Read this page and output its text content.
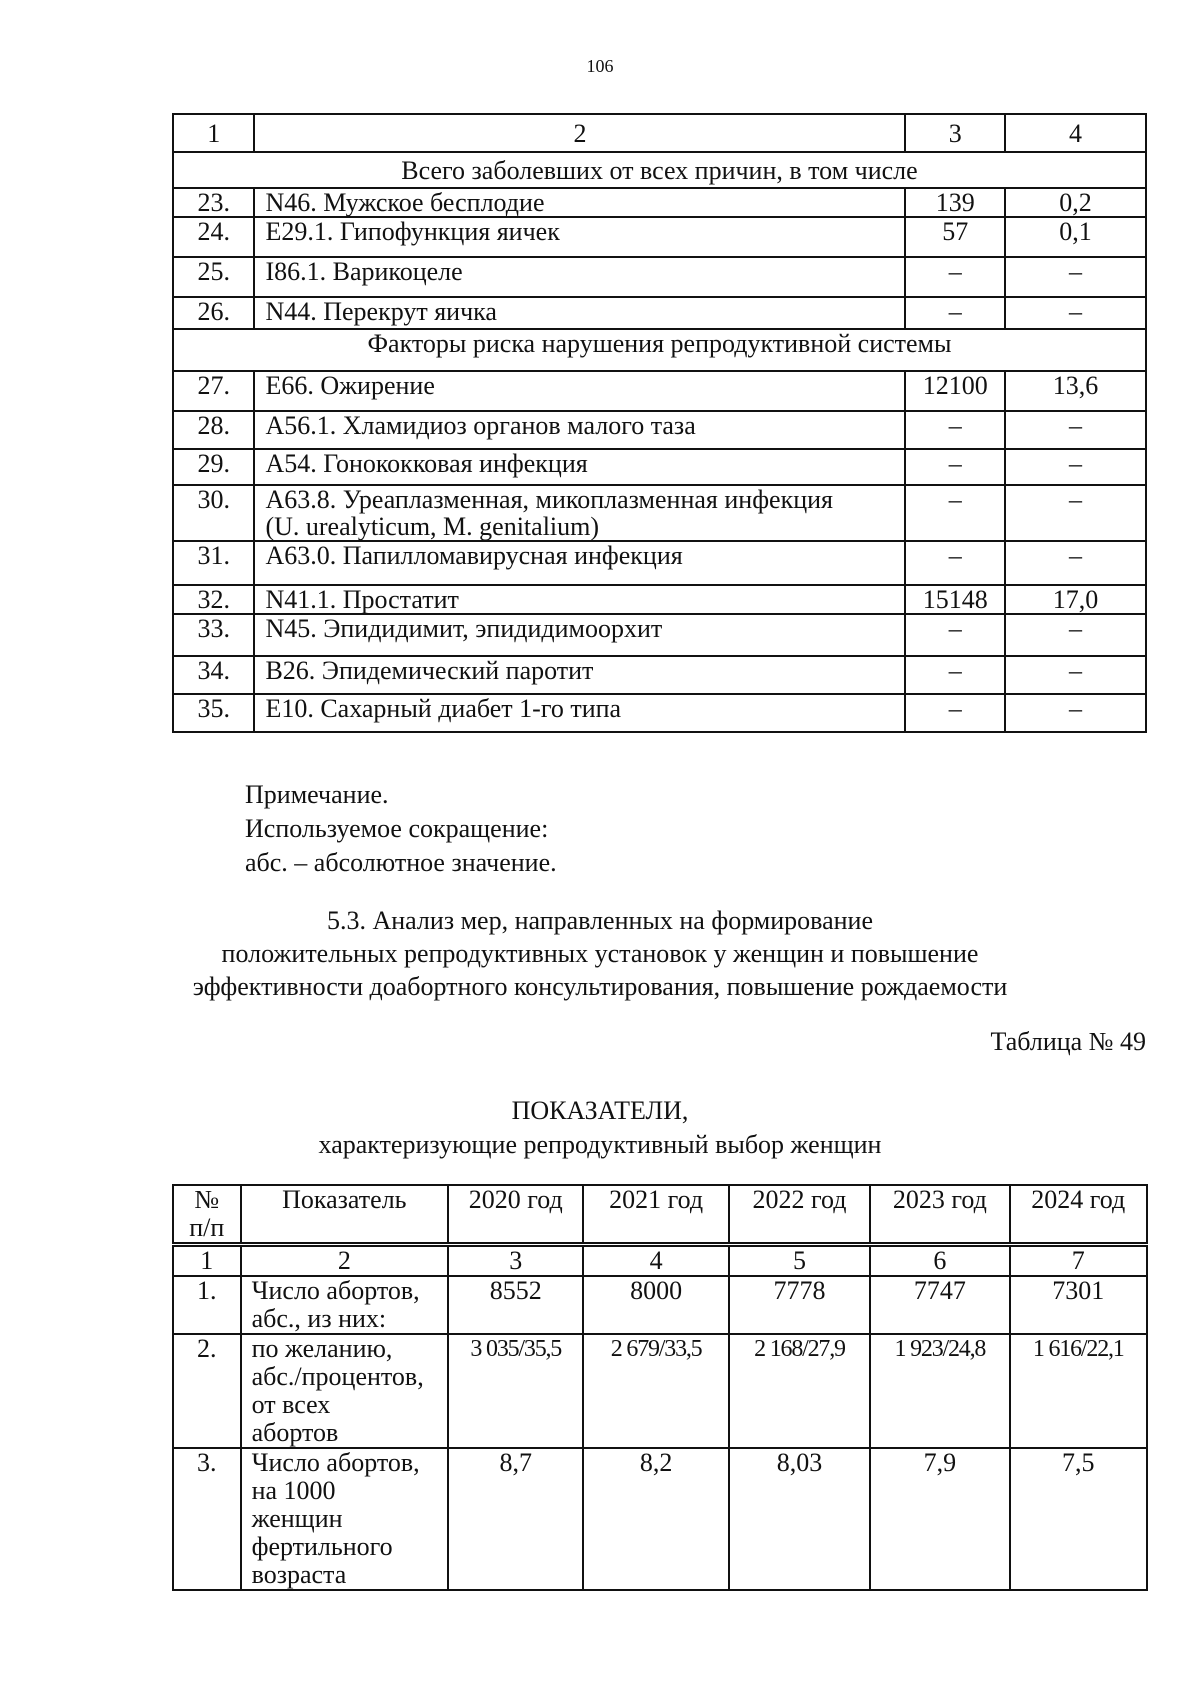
106
1	2	3	4
Всего заболевших от всех причин, в том числе			
23.	N46. Мужское бесплодие	139	0,2
24.	E29.1. Гипофункция яичек	57	0,1
25.	I86.1. Варикоцеле	–	–
26.	N44. Перекрут яичка	–	–
Факторы риска нарушения репродуктивной системы			
27.	E66. Ожирение	12100	13,6
28.	A56.1. Хламидиоз органов малого таза	–	–
29.	A54. Гонококковая инфекция	–	–
30.	A63.8. Уреаплазменная, микоплазменная инфекция
(U. urealyticum, M. genitalium)	–	–
31.	A63.0. Папилломавирусная инфекция	–	–
32.	N41.1. Простатит	15148	17,0
33.	N45. Эпидидимит, эпидидимоорхит	–	–
34.	B26. Эпидемический паротит	–	–
35.	E10. Сахарный диабет 1-го типа	–	–
Примечание.
Используемое сокращение:
абс. – абсолютное значение.
5.3. Анализ мер, направленных на формирование
положительных репродуктивных установок у женщин и повышение
эффективности доабортного консультирования, повышение рождаемости
Таблица № 49
ПОКАЗАТЕЛИ,
характеризующие репродуктивный выбор женщин
№
п/п	Показатель	2020 год	2021 год	2022 год	2023 год	2024 год
1	2	3	4	5	6	7
1.	Число абортов,
абс., из них:	8552	8000	7778	7747	7301
2.	по желанию,
абс./процентов,
от всех
абортов	3 035/35,5	2 679/33,5	2 168/27,9	1 923/24,8	1 616/22,1
3.	Число абортов,
на 1000
женщин
фертильного
возраста	8,7	8,2	8,03	7,9	7,5
